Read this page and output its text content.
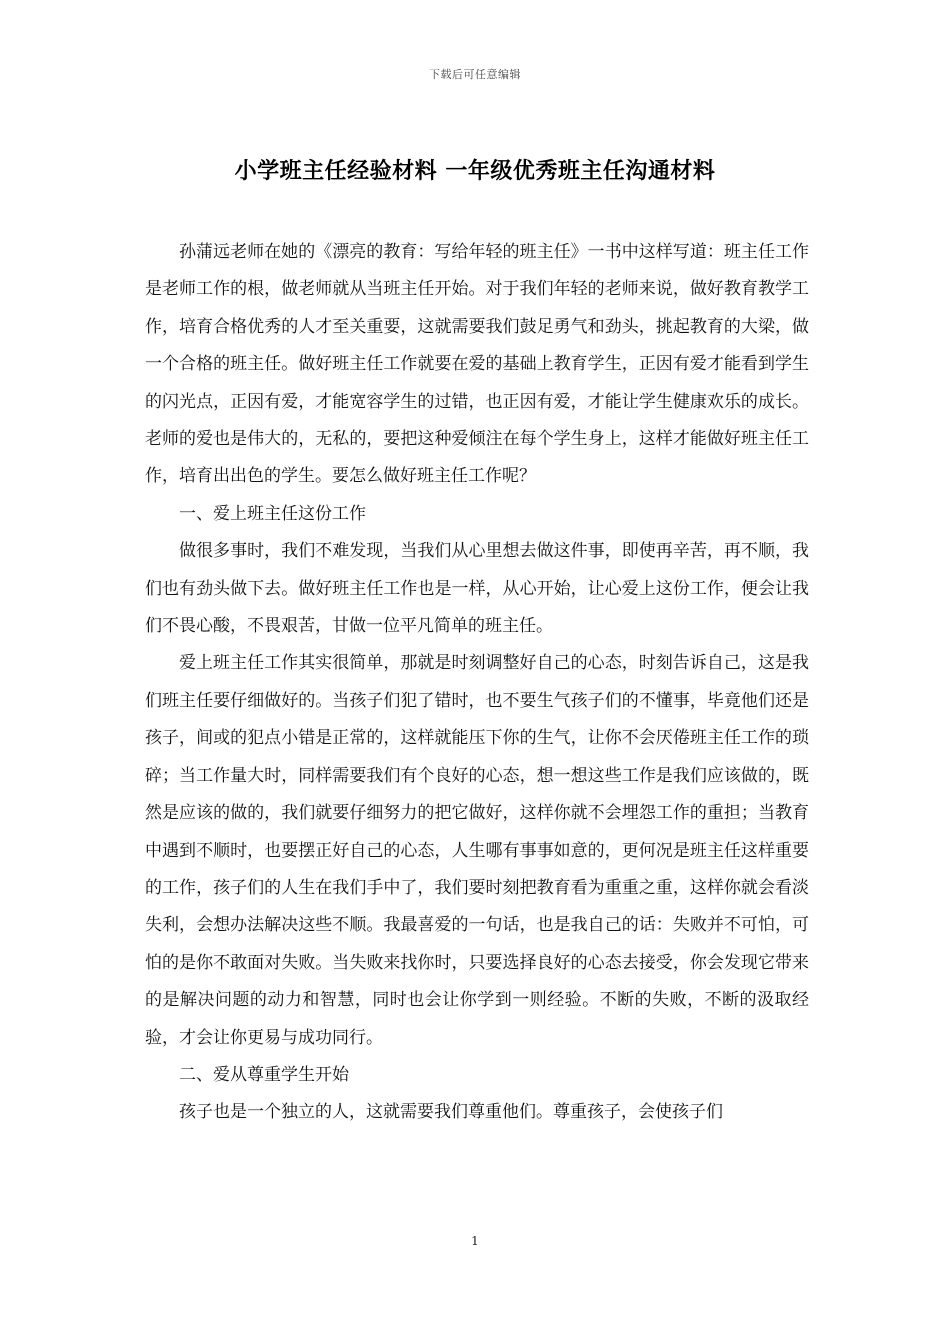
下载后可任意编辑
小学班主任经验材料 一年级优秀班主任沟通材料

孙蒲远老师在她的《漂亮的教育：写给年轻的班主任》一书中这样写道：班主任工作是老师工作的根，做老师就从当班主任开始。对于我们年轻的老师来说，做好教育教学工作，培育合格优秀的人才至关重要，这就需要我们鼓足勇气和劲头，挑起教育的大梁，做一个合格的班主任。做好班主任工作就要在爱的基础上教育学生，正因有爱才能看到学生的闪光点，正因有爱，才能宽容学生的过错，也正因有爱，才能让学生健康欢乐的成长。老师的爱也是伟大的，无私的，要把这种爱倾注在每个学生身上，这样才能做好班主任工作，培育出出色的学生。要怎么做好班主任工作呢？

一、爱上班主任这份工作

做很多事时，我们不难发现，当我们从心里想去做这件事，即使再辛苦，再不顺，我们也有劲头做下去。做好班主任工作也是一样，从心开始，让心爱上这份工作，便会让我们不畏心酸，不畏艰苦，甘做一位平凡简单的班主任。

爱上班主任工作其实很简单，那就是时刻调整好自己的心态，时刻告诉自己，这是我们班主任要仔细做好的。当孩子们犯了错时，也不要生气孩子们的不懂事，毕竟他们还是孩子，间或的犯点小错是正常的，这样就能压下你的生气，让你不会厌倦班主任工作的琐碎；当工作量大时，同样需要我们有个良好的心态，想一想这些工作是我们应该做的，既然是应该的做的，我们就要仔细努力的把它做好，这样你就不会埋怨工作的重担；当教育中遇到不顺时，也要摆正好自己的心态，人生哪有事事如意的，更何况是班主任这样重要的工作，孩子们的人生在我们手中了，我们要时刻把教育看为重重之重，这样你就会看淡失利，会想办法解决这些不顺。我最喜爱的一句话，也是我自己的话：失败并不可怕，可怕的是你不敢面对失败。当失败来找你时，只要选择良好的心态去接受，你会发现它带来的是解决问题的动力和智慧，同时也会让你学到一则经验。不断的失败，不断的汲取经验，才会让你更易与成功同行。

二、爱从尊重学生开始

孩子也是一个独立的人，这就需要我们尊重他们。尊重孩子，会使孩子们

1
